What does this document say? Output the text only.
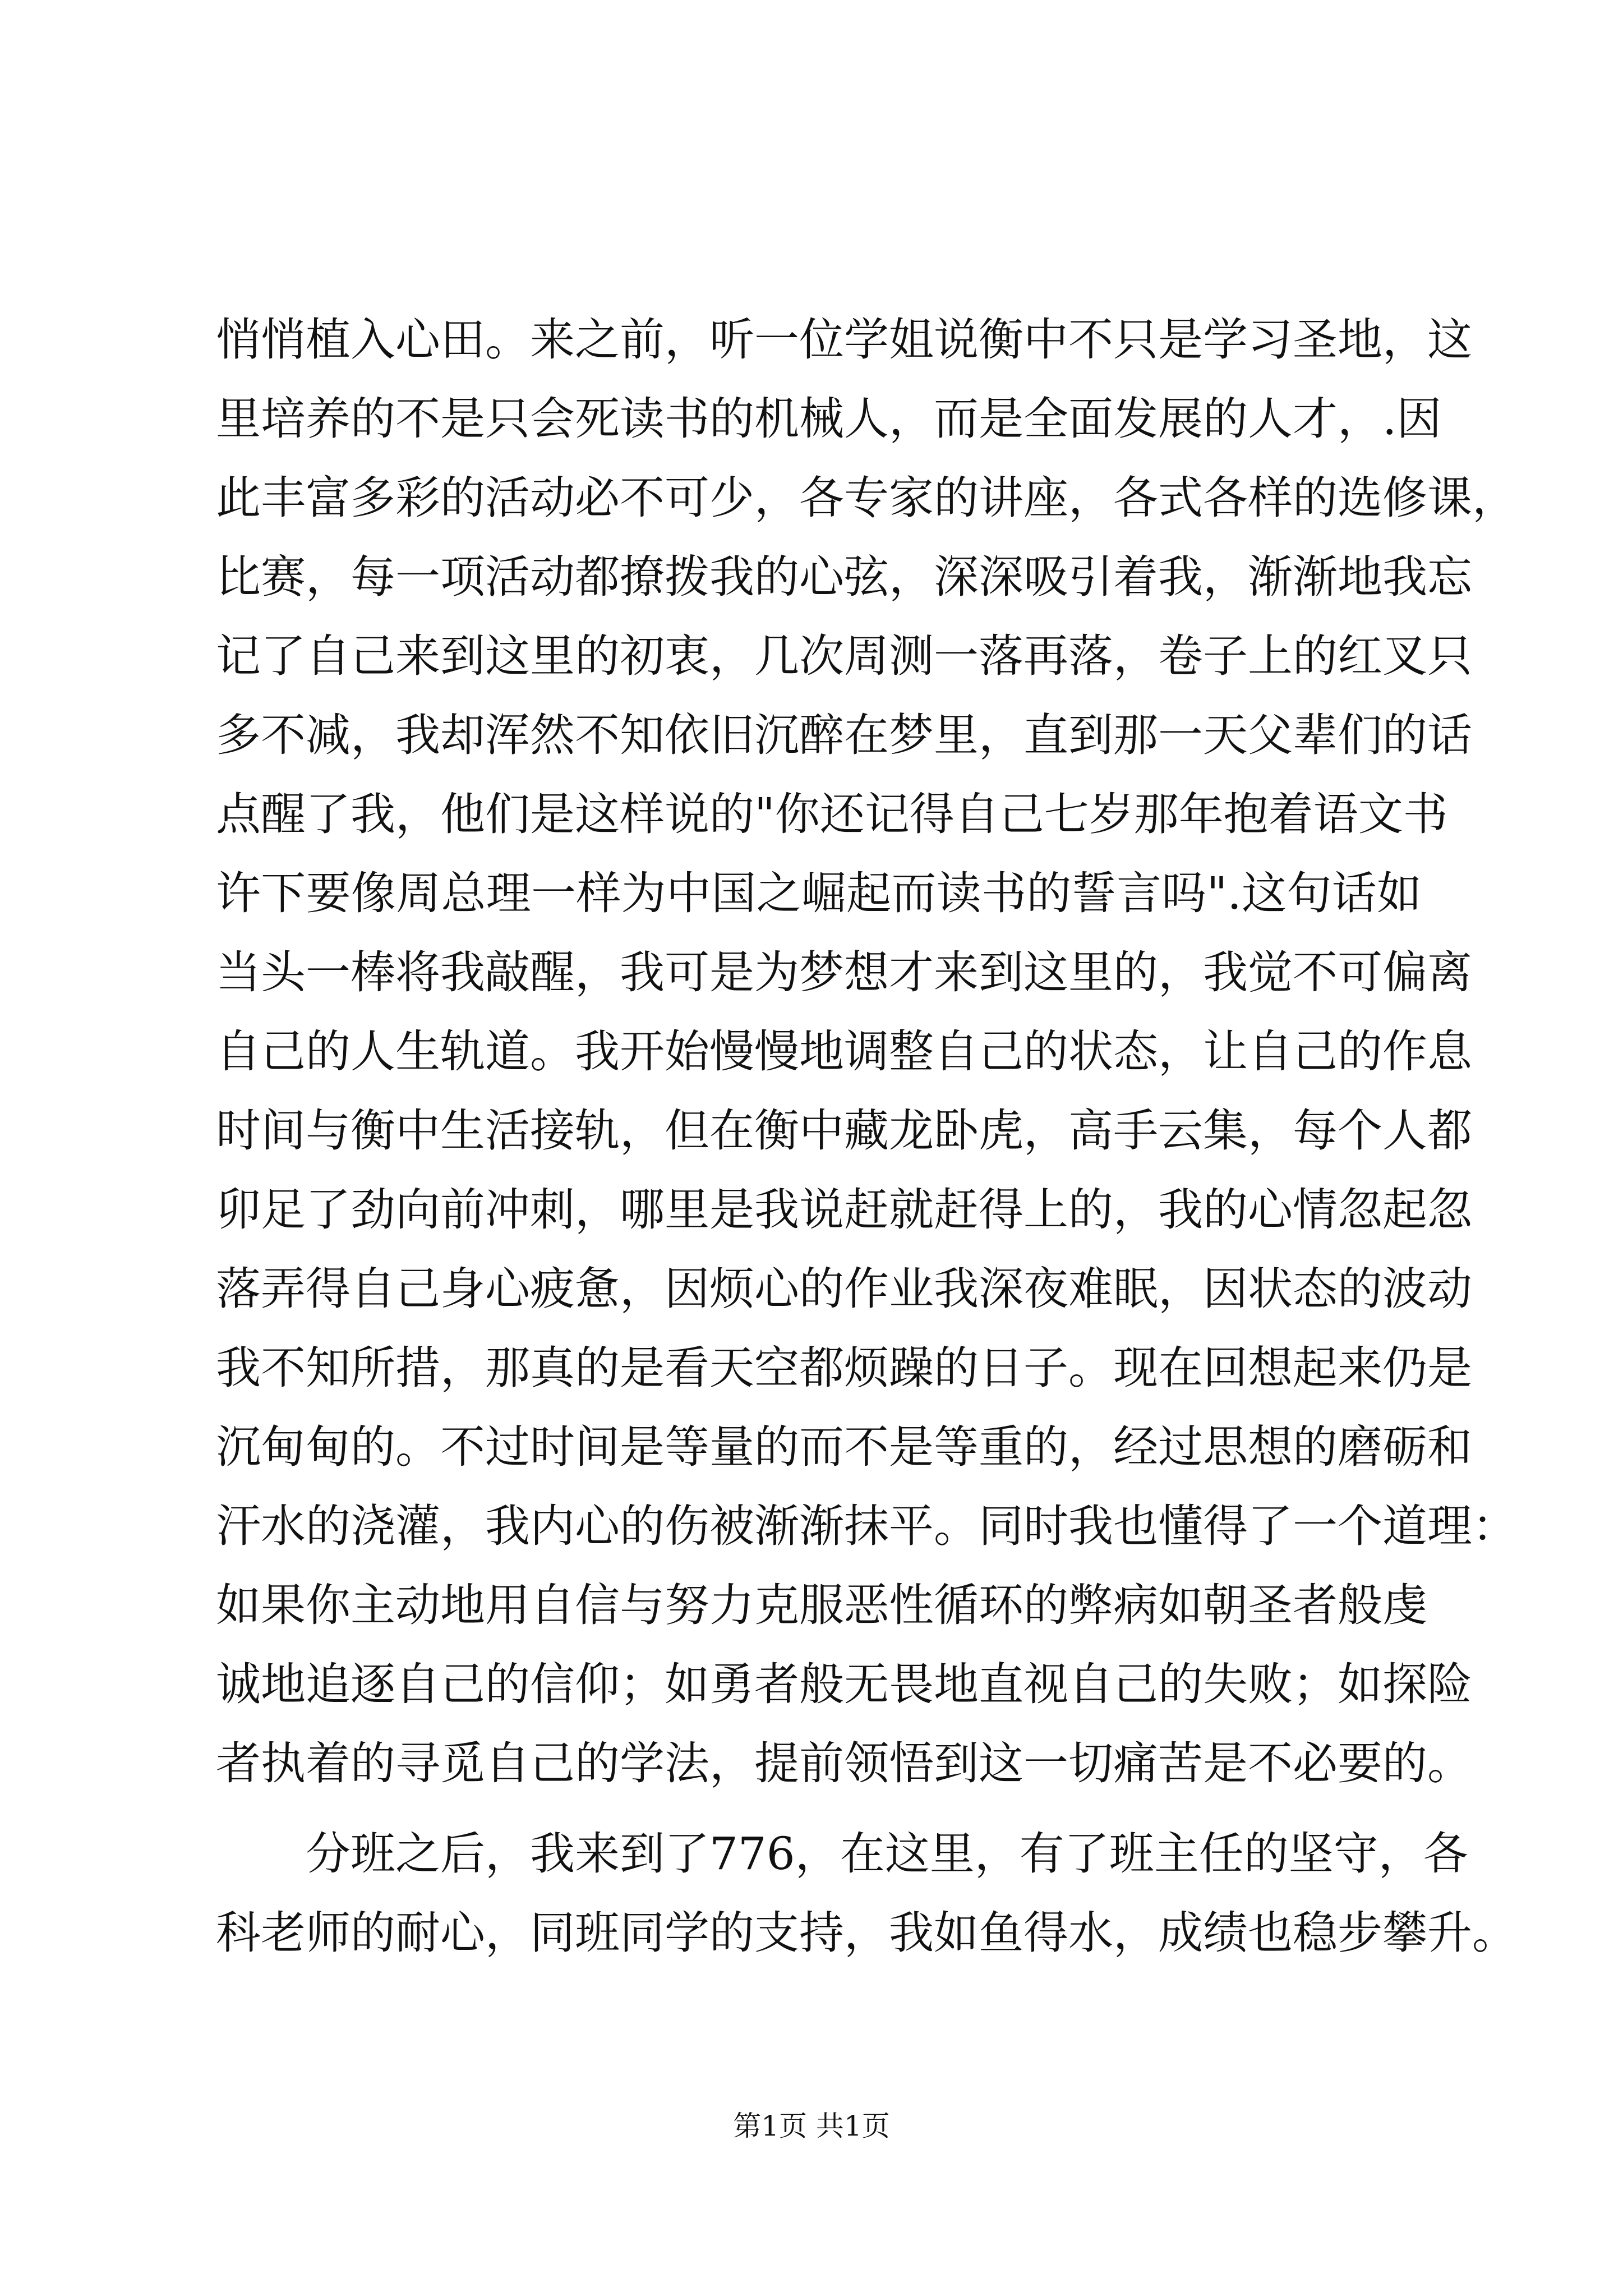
悄悄植入心田。来之前，听一位学姐说衡中不只是学习圣地，这
里培养的不是只会死读书的机械人，而是全面发展的人才，.因
此丰富多彩的活动必不可少，各专家的讲座，各式各样的选修课，
比赛，每一项活动都撩拨我的心弦，深深吸引着我，渐渐地我忘
记了自己来到这里的初衷，几次周测一落再落，卷子上的红叉只
多不减，我却浑然不知依旧沉醉在梦里，直到那一天父辈们的话
点醒了我，他们是这样说的"你还记得自己七岁那年抱着语文书
许下要像周总理一样为中国之崛起而读书的誓言吗".这句话如
当头一棒将我敲醒，我可是为梦想才来到这里的，我觉不可偏离
自己的人生轨道。我开始慢慢地调整自己的状态，让自己的作息
时间与衡中生活接轨，但在衡中藏龙卧虎，高手云集，每个人都
卯足了劲向前冲刺，哪里是我说赶就赶得上的，我的心情忽起忽
落弄得自己身心疲惫，因烦心的作业我深夜难眠，因状态的波动
我不知所措，那真的是看天空都烦躁的日子。现在回想起来仍是
沉甸甸的。不过时间是等量的而不是等重的，经过思想的磨砺和
汗水的浇灌，我内心的伤被渐渐抹平。同时我也懂得了一个道理：
如果你主动地用自信与努力克服恶性循环的弊病如朝圣者般虔
诚地追逐自己的信仰；如勇者般无畏地直视自己的失败；如探险
者执着的寻觅自己的学法，提前领悟到这一切痛苦是不必要的。
分班之后，我来到了776，在这里，有了班主任的坚守，各
科老师的耐心，同班同学的支持，我如鱼得水，成绩也稳步攀升。
第1页 共1页
